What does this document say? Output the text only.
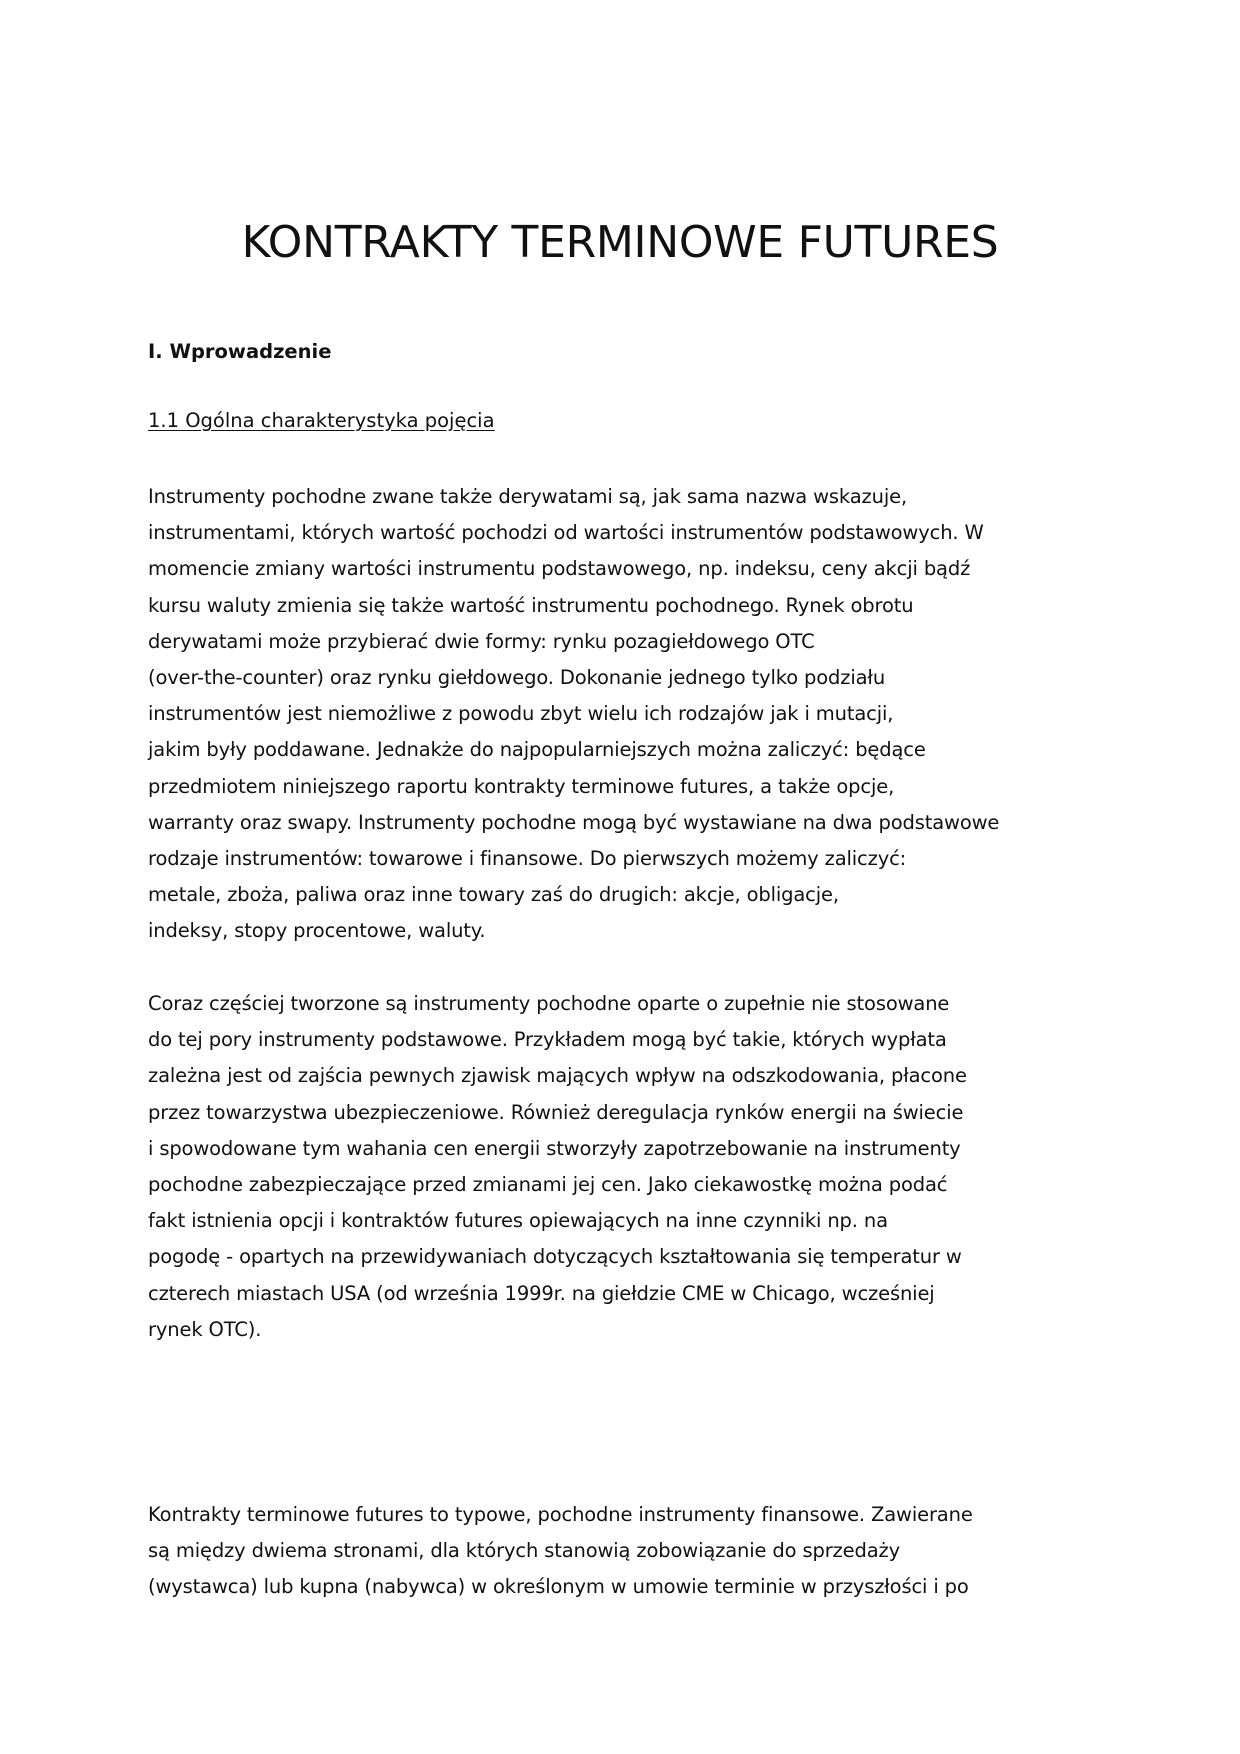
KONTRAKTY TERMINOWE FUTURES
I. Wprowadzenie
1.1 Ogólna charakterystyka pojęcia

Instrumenty pochodne zwane także derywatami są, jak sama nazwa wskazuje,
instrumentami, których wartość pochodzi od wartości instrumentów podstawowych. W
momencie zmiany wartości instrumentu podstawowego, np. indeksu, ceny akcji bądź
kursu waluty zmienia się także wartość instrumentu pochodnego. Rynek obrotu
derywatami może przybierać dwie formy: rynku pozagiełdowego OTC
(over-the-counter) oraz rynku giełdowego. Dokonanie jednego tylko podziału
instrumentów jest niemożliwe z powodu zbyt wielu ich rodzajów jak i mutacji,
jakim były poddawane. Jednakże do najpopularniejszych można zaliczyć: będące
przedmiotem niniejszego raportu kontrakty terminowe futures, a także opcje,
warranty oraz swapy. Instrumenty pochodne mogą być wystawiane na dwa podstawowe
rodzaje instrumentów: towarowe i finansowe. Do pierwszych możemy zaliczyć:
metale, zboża, paliwa oraz inne towary zaś do drugich: akcje, obligacje,
indeksy, stopy procentowe, waluty.

Coraz częściej tworzone są instrumenty pochodne oparte o zupełnie nie stosowane
do tej pory instrumenty podstawowe. Przykładem mogą być takie, których wypłata
zależna jest od zajścia pewnych zjawisk mających wpływ na odszkodowania, płacone
przez towarzystwa ubezpieczeniowe. Również deregulacja rynków energii na świecie
i spowodowane tym wahania cen energii stworzyły zapotrzebowanie na instrumenty
pochodne zabezpieczające przed zmianami jej cen. Jako ciekawostkę można podać
fakt istnienia opcji i kontraktów futures opiewających na inne czynniki np. na
pogodę - opartych na przewidywaniach dotyczących kształtowania się temperatur w
czterech miastach USA (od września 1999r. na giełdzie CME w Chicago, wcześniej
rynek OTC).

Kontrakty terminowe futures to typowe, pochodne instrumenty finansowe. Zawierane
są między dwiema stronami, dla których stanowią zobowiązanie do sprzedaży
(wystawca) lub kupna (nabywca) w określonym w umowie terminie w przyszłości i po
